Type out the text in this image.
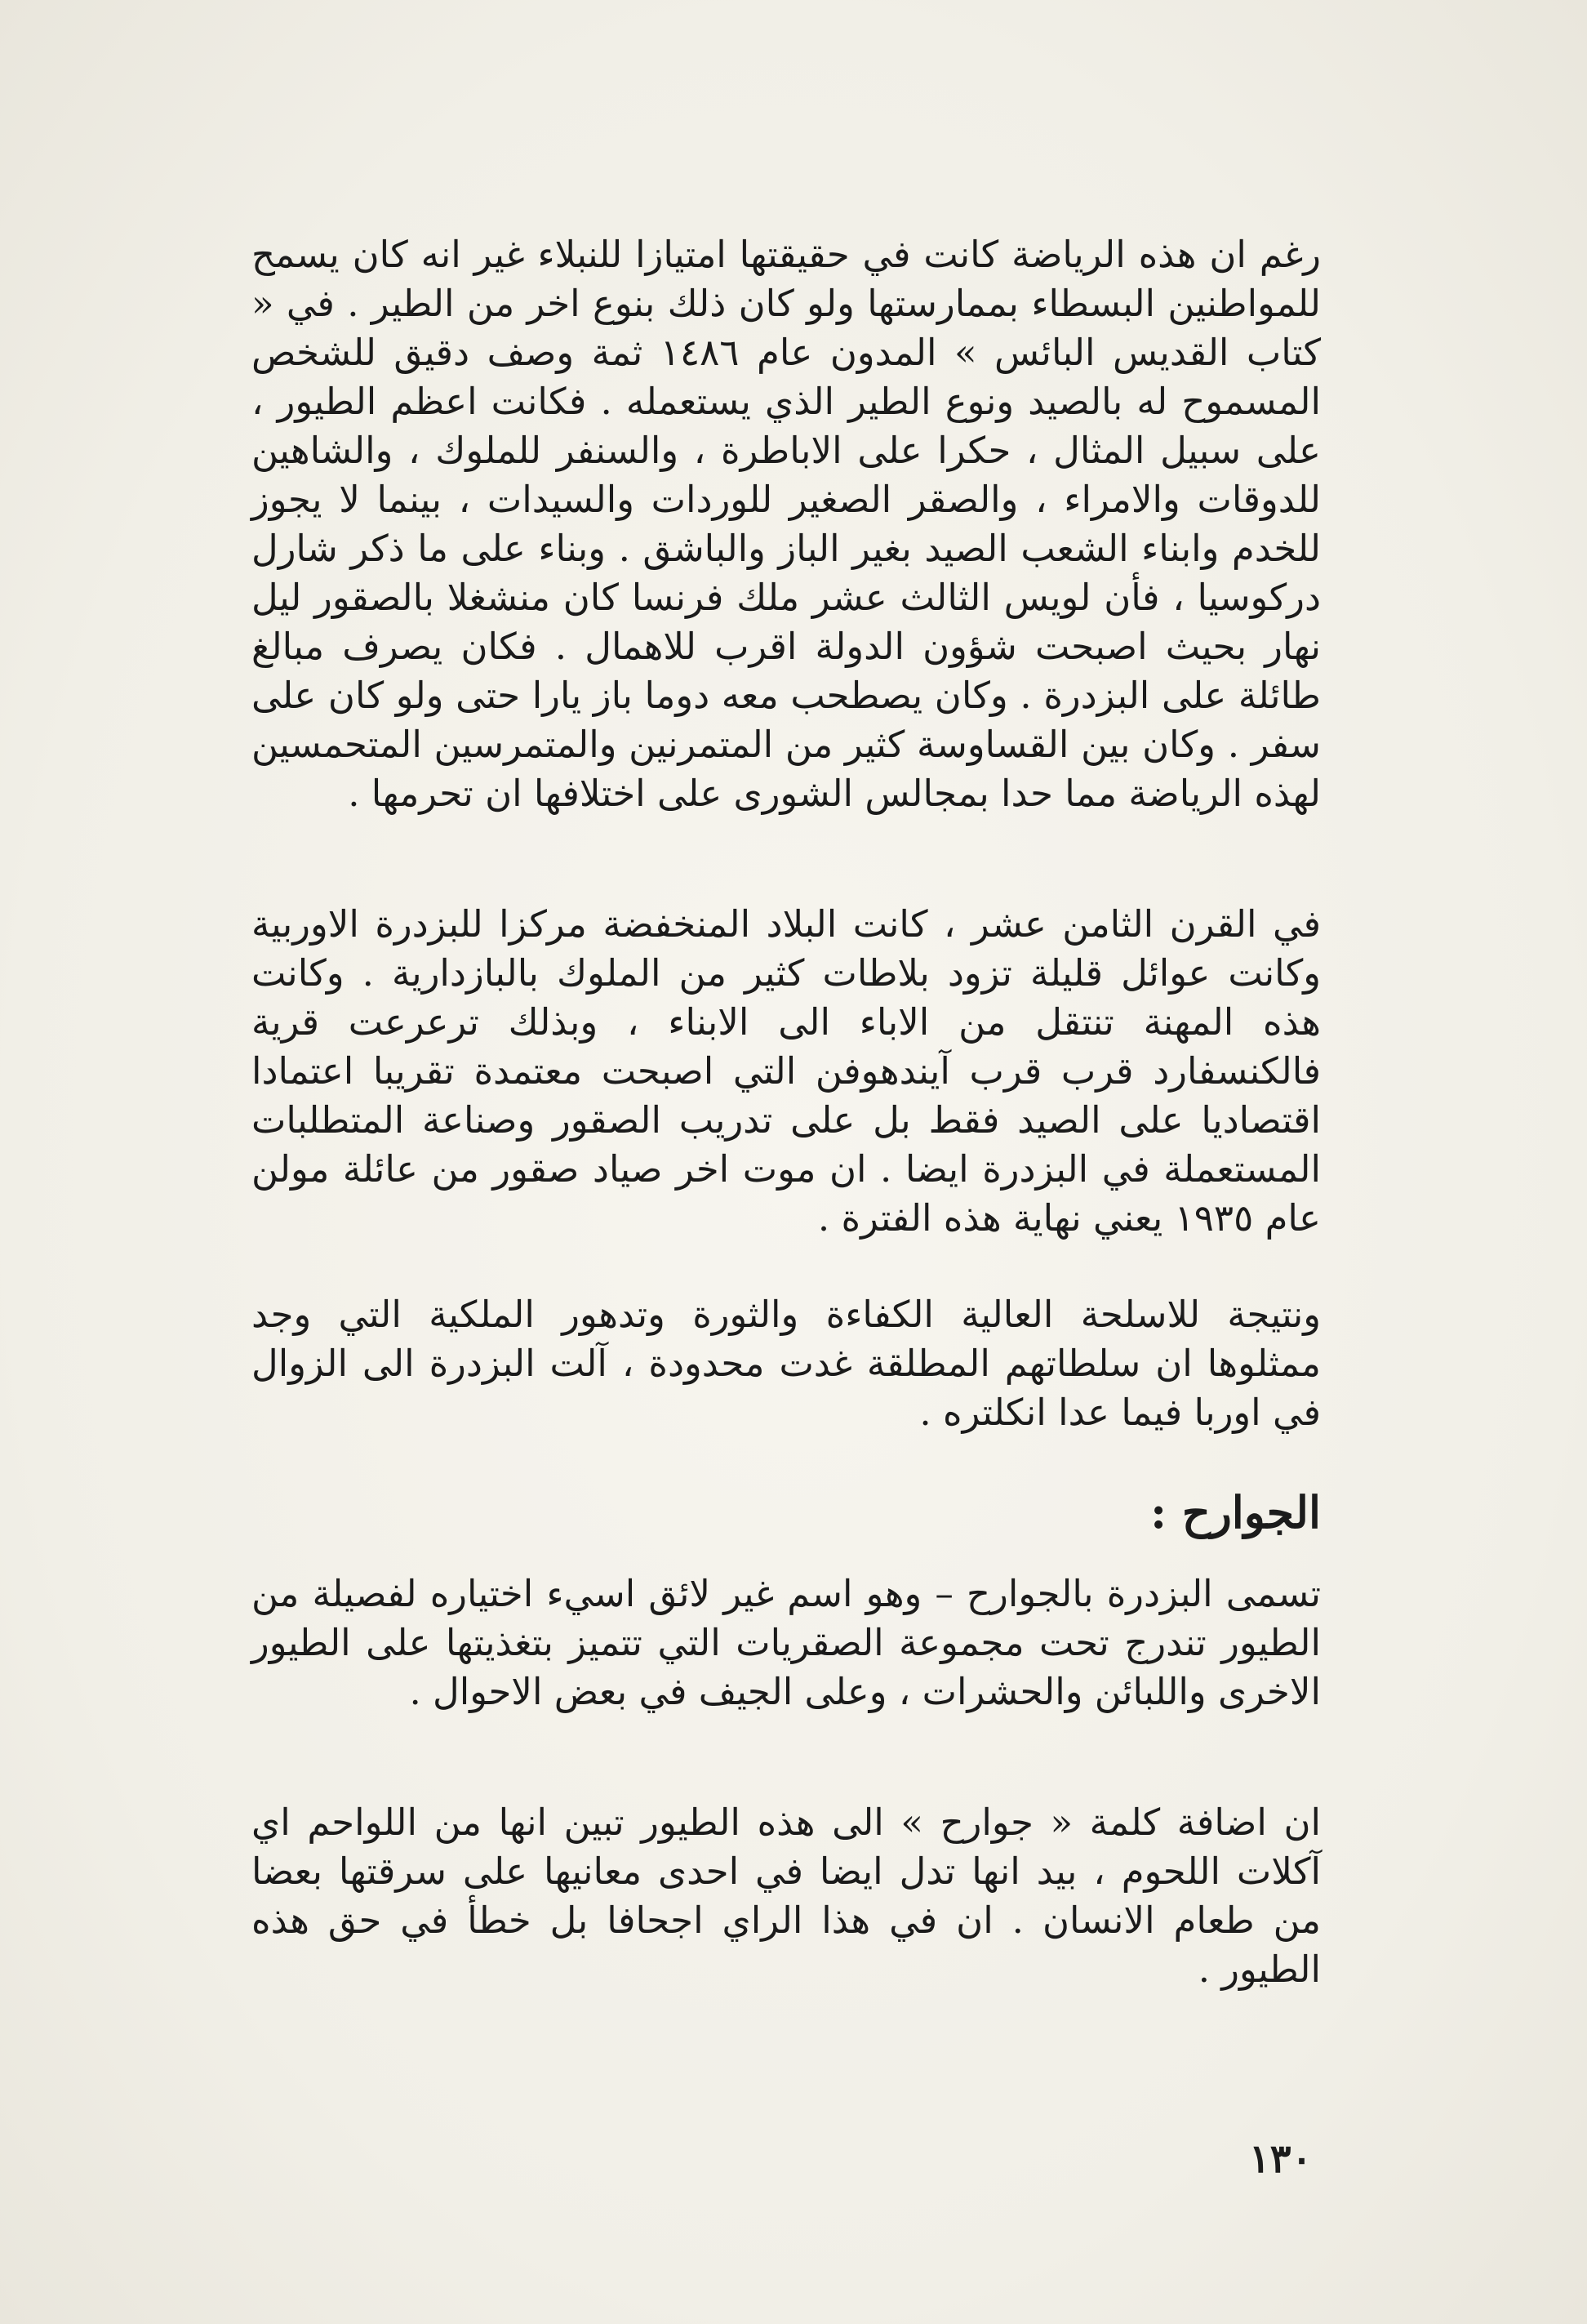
رغم ان هذه الرياضة كانت في حقيقتها امتيازا للنبلاء غير انه كان يسمح للمواطنين البسطاء بممارستها ولو كان ذلك بنوع اخر من الطير . في « كتاب القديس البائس » المدون عام ١٤٨٦ ثمة وصف دقيق للشخص المسموح له بالصيد ونوع الطير الذي يستعمله . فكانت اعظم الطيور ، على سبيل المثال ، حكرا على الاباطرة ، والسنفر للملوك ، والشاهين للدوقات والامراء ، والصقر الصغير للوردات والسيدات ، بينما لا يجوز للخدم وابناء الشعب الصيد بغير الباز والباشق . وبناء على ما ذكر شارل دركوسيا ، فأن لويس الثالث عشر ملك فرنسا كان منشغلا بالصقور ليل نهار بحيث اصبحت شؤون الدولة اقرب للاهمال . فكان يصرف مبالغ طائلة على البزدرة . وكان يصطحب معه دوما باز يارا حتى ولو كان على سفر . وكان بين القساوسة كثير من المتمرنين والمتمرسين المتحمسين لهذه الرياضة مما حدا بمجالس الشورى على اختلافها ان تحرمها .

في القرن الثامن عشر ، كانت البلاد المنخفضة مركزا للبزدرة الاوربية وكانت عوائل قليلة تزود بلاطات كثير من الملوك بالبازدارية . وكانت هذه المهنة تنتقل من الاباء الى الابناء ، وبذلك ترعرعت قرية فالكنسفارد قرب قرب آيندهوفن التي اصبحت معتمدة تقريبا اعتمادا اقتصاديا على الصيد فقط بل على تدريب الصقور وصناعة المتطلبات المستعملة في البزدرة ايضا . ان موت اخر صياد صقور من عائلة مولن عام ١٩٣٥ يعني نهاية هذه الفترة .

ونتيجة للاسلحة العالية الكفاءة والثورة وتدهور الملكية التي وجد ممثلوها ان سلطاتهم المطلقة غدت محدودة ، آلت البزدرة الى الزوال في اوربا فيما عدا انكلتره .

الجوارح :

تسمى البزدرة بالجوارح – وهو اسم غير لائق اسيء اختياره لفصيلة من الطيور تندرج تحت مجموعة الصقريات التي تتميز بتغذيتها على الطيور الاخرى واللبائن والحشرات ، وعلى الجيف في بعض الاحوال .

ان اضافة كلمة « جوارح » الى هذه الطيور تبين انها من اللواحم اي آكلات اللحوم ، بيد انها تدل ايضا في احدى معانيها على سرقتها بعضا من طعام الانسان . ان في هذا الراي اجحافا بل خطأ في حق هذه الطيور .

١٣٠
